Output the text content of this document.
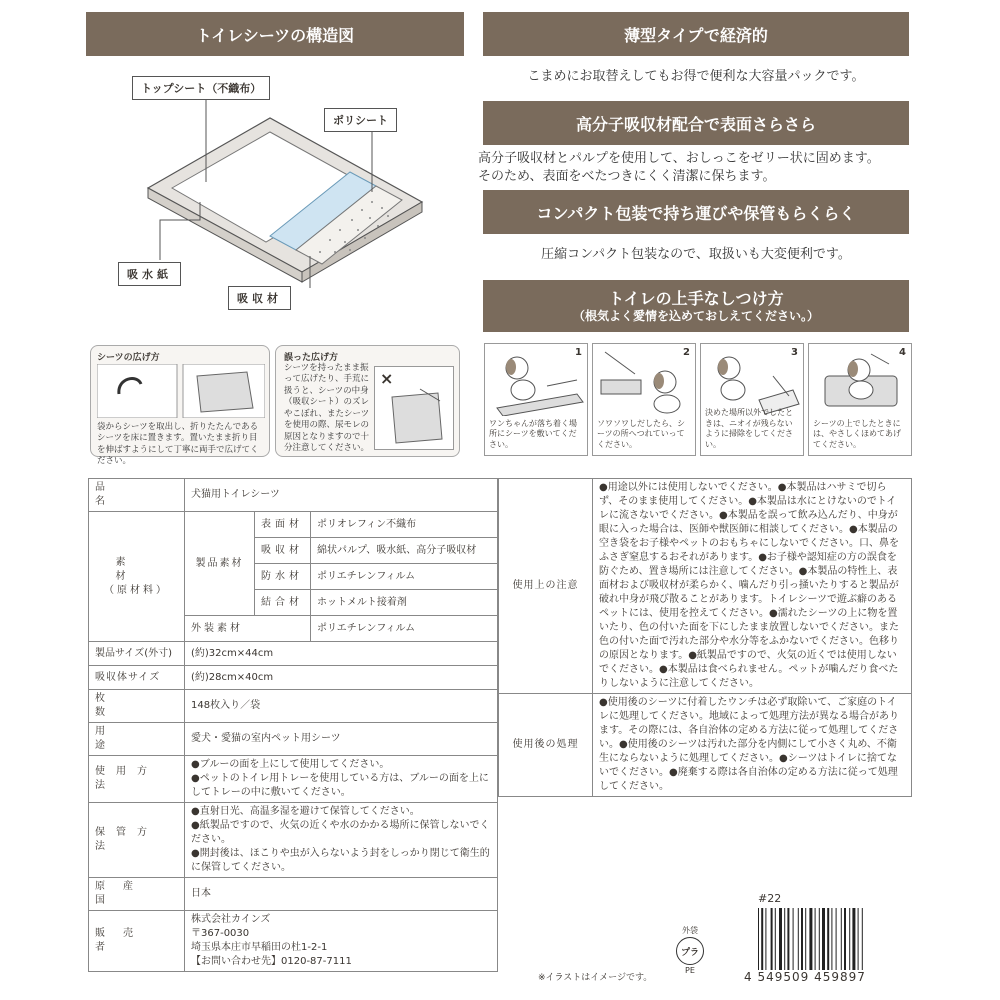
トイレシーツの構造図
トップシート（不織布）
ポリシート
吸水紙
吸収材
薄型タイプで経済的
こまめにお取替えしてもお得で便利な大容量パックです。
高分子吸収材配合で表面さらさら
高分子吸収材とパルプを使用して、おしっこをゼリー状に固めます。
そのため、表面をべたつきにくく清潔に保ちます。
コンパクト包装で持ち運びや保管もらくらく
圧縮コンパクト包装なので、取扱いも大変便利です。
トイレの上手なしつけ方
（根気よく愛情を込めておしえてください。）
1
ワンちゃんが落ち着く場所にシーツを敷いてください。
2
ソワソワしだしたら、シーツの所へつれていってください。
3
決めた場所以外でしたときは、ニオイが残らないように掃除をしてください。
4
シーツの上でしたときには、やさしくほめてあげてください。
シーツの広げ方
袋からシーツを取出し、折りたたんであるシーツを床に置きます。置いたまま折り目を伸ばすようにして丁寧に両手で広げてください。
誤った広げ方
シーツを持ったまま振って広げたり、手荒に扱うと、シーツの中身（吸収シート）のズレやこぼれ、またシーツを使用の際、尿モレの原因となりますので十分注意してください。
×
品名	犬猫用トイレシーツ		

素材
（原材料）	製品素材	表面材	ポリオレフィン不織布
		吸収材	綿状パルプ、吸水紙、高分子吸収材
		防水材	ポリエチレンフィルム
		結合材	ホットメルト接着剤
	外装素材		ポリエチレンフィルム
製品サイズ(外寸)	(約)32cm×44cm		
吸収体サイズ	(約)28cm×40cm		
枚数	148枚入り／袋		
用途	愛犬・愛猫の室内ペット用シーツ		
使用方法	●ブルーの面を上にして使用してください。
●ペットのトイレ用トレーを使用している方は、ブルーの面を上にしてトレーの中に敷いてください。		

保管方法	●直射日光、高温多湿を避けて保管してください。
●紙製品ですので、火気の近くや水のかかる場所に保管しないでください。
●開封後は、ほこりや虫が入らないよう封をしっかり閉じて衛生的に保管してください。		

原産国	日本		
販売者	株式会社カインズ
〒367-0030
埼玉県本庄市早稲田の杜1-2-1
【お問い合わせ先】0120-87-7111		
使用上の注意	●用途以外には使用しないでください。●本製品はハサミで切らず、そのまま使用してください。●本製品は水にとけないのでトイレに流さないでください。●本製品を誤って飲み込んだり、中身が眼に入った場合は、医師や獣医師に相談してください。●本製品の空き袋をお子様やペットのおもちゃにしないでください。口、鼻をふさぎ窒息するおそれがあります。●お子様や認知症の方の誤食を防ぐため、置き場所には注意してください。●本製品の特性上、表面材および吸収材が柔らかく、噛んだり引っ掻いたりすると製品が破れ中身が飛び散ることがあります。トイレシーツで遊ぶ癖のあるペットには、使用を控えてください。●濡れたシーツの上に物を置いたり、色の付いた面を下にしたまま放置しないでください。また色の付いた面で汚れた部分や水分等をふかないでください。色移りの原因となります。●紙製品ですので、火気の近くでは使用しないでください。●本製品は食べられません。ペットが噛んだり食べたりしないように注意してください。
使用後の処理	●使用後のシーツに付着したウンチは必ず取除いて、ご家庭のトイレに処理してください。地域によって処理方法が異なる場合があります。その際には、各自治体の定める方法に従って処理してください。●使用後のシーツは汚れた部分を内側にして小さく丸め、不衛生にならないように処理してください。●シーツはトイレに捨てないでください。●廃棄する際は各自治体の定める方法に従って処理してください。
※イラストはイメージです。
外袋
プラ
PE
#22
4 549509 459897
